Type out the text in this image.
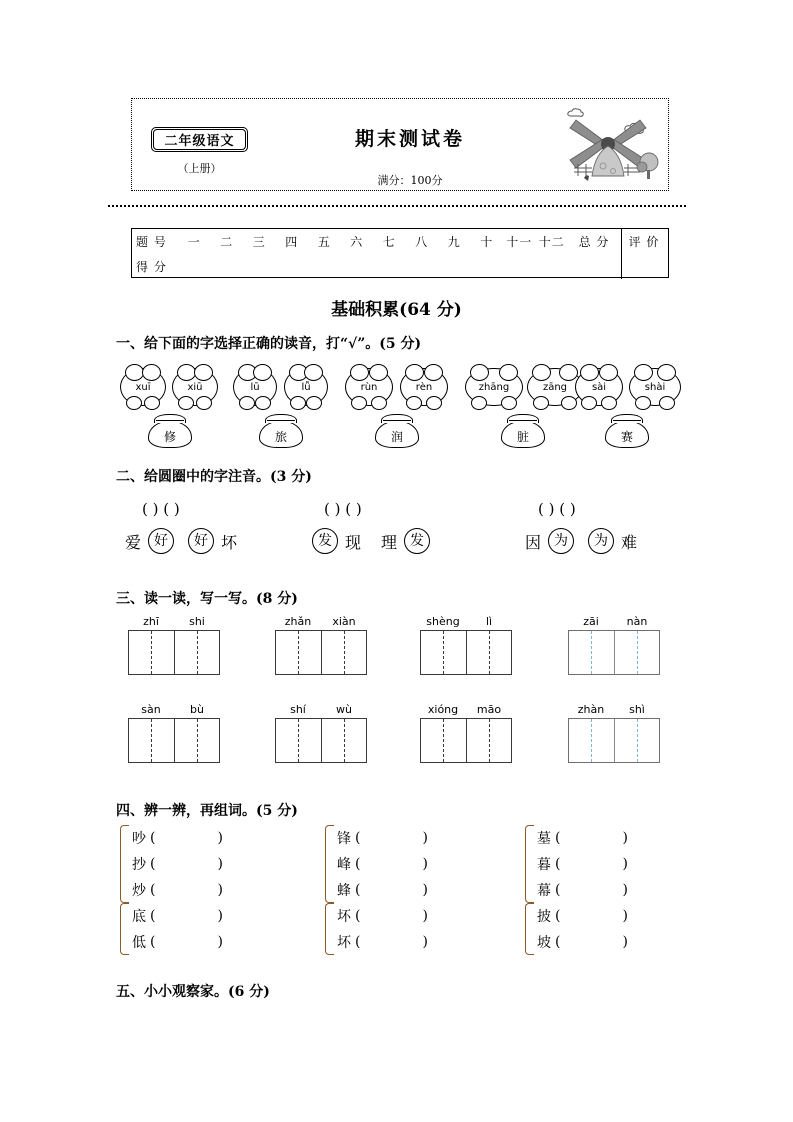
二年级语文
（上册）
期末测试卷
满分：100分
题 号	一	二	三	四	五	六	七	八	九	十	十一 十二	总 分	评 价
得 分
基础积累(64 分)
一、给下面的字选择正确的读音，打“√”。(5 分)
xuī	xiū
修
lū	lǚ
旅
rùn	rèn
润
zhāng	zāng
脏
sài	shài
赛
二、给圆圈中的字注音。(3 分)
( ) ( )
爱 好	好 坏
( ) ( )
发 现	理 发
( ) ( )
因 为	为 难
三、读一读，写一写。(8 分)
zhī	shi	zhǎn	xiàn	shèng	lì	zāi	nàn
sàn	bù	shí	wù	xióng	māo	zhàn	shì
四、辨一辨，再组词。(5 分)
吵 (	)
抄 (	)
炒 (	)
底 (	)
低 (	)
锋 (	)
峰 (	)
蜂 (	)
坏 (	)
坏 (	)
墓 (	)
暮 (	)
幕 (	)
披 (	)
坡 (	)
五、小小观察家。(6 分)
